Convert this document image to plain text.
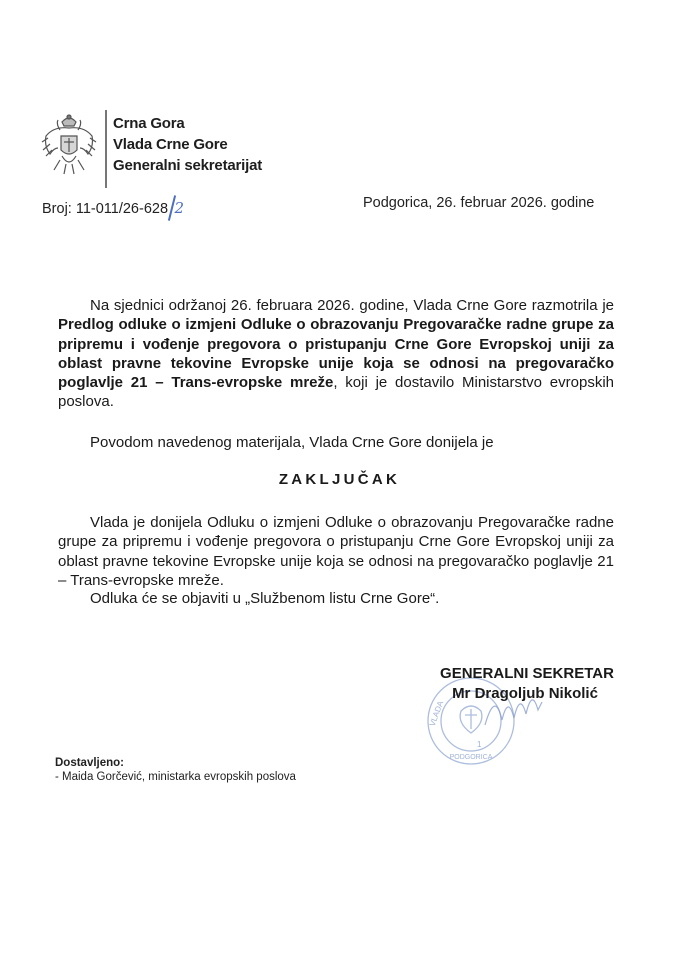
Crna Gora
Vlada Crne Gore
Generalni sekretarijat
Broj: 11-011/26-628 2	Podgorica, 26. februar 2026. godine
Na sjednici održanoj 26. februara 2026. godine, Vlada Crne Gore razmotrila je Predlog odluke o izmjeni Odluke o obrazovanju Pregovaračke radne grupe za pripremu i vođenje pregovora o pristupanju Crne Gore Evropskoj uniji za oblast pravne tekovine Evropske unije koja se odnosi na pregovaračko poglavlje 21 – Trans-evropske mreže, koji je dostavilo Ministarstvo evropskih poslova.
Povodom navedenog materijala, Vlada Crne Gore donijela je
ZAKLJUČAK
Vlada je donijela Odluku o izmjeni Odluke o obrazovanju Pregovaračke radne grupe za pripremu i vođenje pregovora o pristupanju Crne Gore Evropskoj uniji za oblast pravne tekovine Evropske unije koja se odnosi na pregovaračko poglavlje 21 – Trans-evropske mreže.
Odluka će se objaviti u „Službenom listu Crne Gore“.
PODGORICA
1
VLADA
GENERALNI SEKRETAR
Mr Dragoljub Nikolić
Dostavljeno:
- Maida Gorčević, ministarka evropskih poslova
